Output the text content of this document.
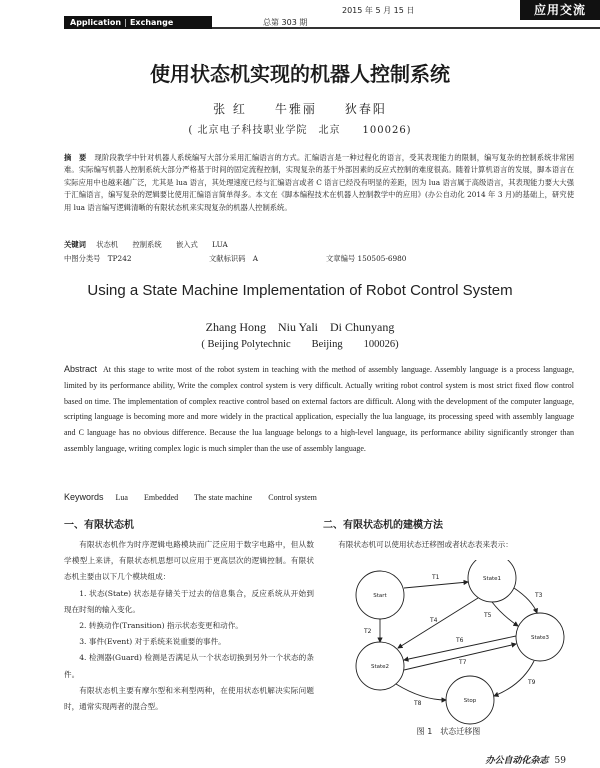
Application | Exchange	总第 303 期
2015 年 5 月 15 日	应用交流
使用状态机实现的机器人控制系统
张 红　　牛雅丽　　狄春阳
( 北京电子科技职业学院　北京　　100026)
摘　要 现阶段教学中针对机器人系统编写大部分采用汇编语言的方式。汇编语言是一种过程化的语言，受其表现能力的限制，编写复杂的控制系统非常困难。实际编写机器人控制系统大部分严格基于时间的固定流程控制，实现复杂的基于外部因素的反应式控制的难度很高。随着计算机语言的发展，脚本语言在实际应用中也越来越广泛，尤其是 lua 语言，其处理速度已经与汇编语言或者 C 语言已经没有明显的差距，因为 lua 语言属于高级语言，其表现能力要大大强于汇编语言，编写复杂的逻辑要比使用汇编语言简单得多。本文在《脚本编程技术在机器人控制教学中的应用》(办公自动化 2014 年 3 月)的基础上，研究使用 lua 语言编写逻辑清晰的有限状态机来实现复杂的机器人控制系统。
关键词 状态机 控制系统 嵌入式 LUA
中图分类号　TP242	文献标识码　A	文章编号 150505-6980
Using a State Machine Implementation of Robot Control System
Zhang Hong　Niu Yali　Di Chunyang
( Beijing Polytechnic　　Beijing　　100026)
Abstract At this stage to write most of the robot system in teaching with the method of assembly language. Assembly language is a process language, limited by its performance ability, Write the complex control system is very difficult. Actually writing robot control system is most strict fixed flow control based on time. The implementation of complex reactive control based on external factors are difficult. Along with the development of the computer language, scripting language is becoming more and more widely in the practical application, especially the lua language, its processing speed with assembly language and C language has no obvious difference. Because the lua language belongs to a high-level language, its performance ability significantly stronger than assembly language, writing complex logic is much simpler than the use of assembly language.
Keywords Lua Embedded The state machine Control system
一、有限状态机

有限状态机作为时序逻辑电路模块而广泛应用于数字电路中，但从数学模型上来讲，有限状态机思想可以应用于更高层次的逻辑控制。有限状态机主要由以下几个模块组成：

1. 状态(State) 状态是存储关于过去的信息集合，反应系统从开始到现在时刻的输入变化。

2. 转换动作(Transition) 指示状态变更和动作。

3. 事件(Event) 对于系统来说重要的事件。

4. 检测器(Guard) 检测是否满足从一个状态切换到另外一个状态的条件。

有限状态机主要有摩尔型和米利型两种，在使用状态机解决实际问题时，通常实现两者的混合型。

二、有限状态机的建模方法

有限状态机可以使用状态迁移图或者状态表来表示：

Start
State1
State2
State3
Stop
T1
T2
T3
T4
T5
T6
T7
T8
T9
图 1　状态迁移图
办公自动化杂志 59
